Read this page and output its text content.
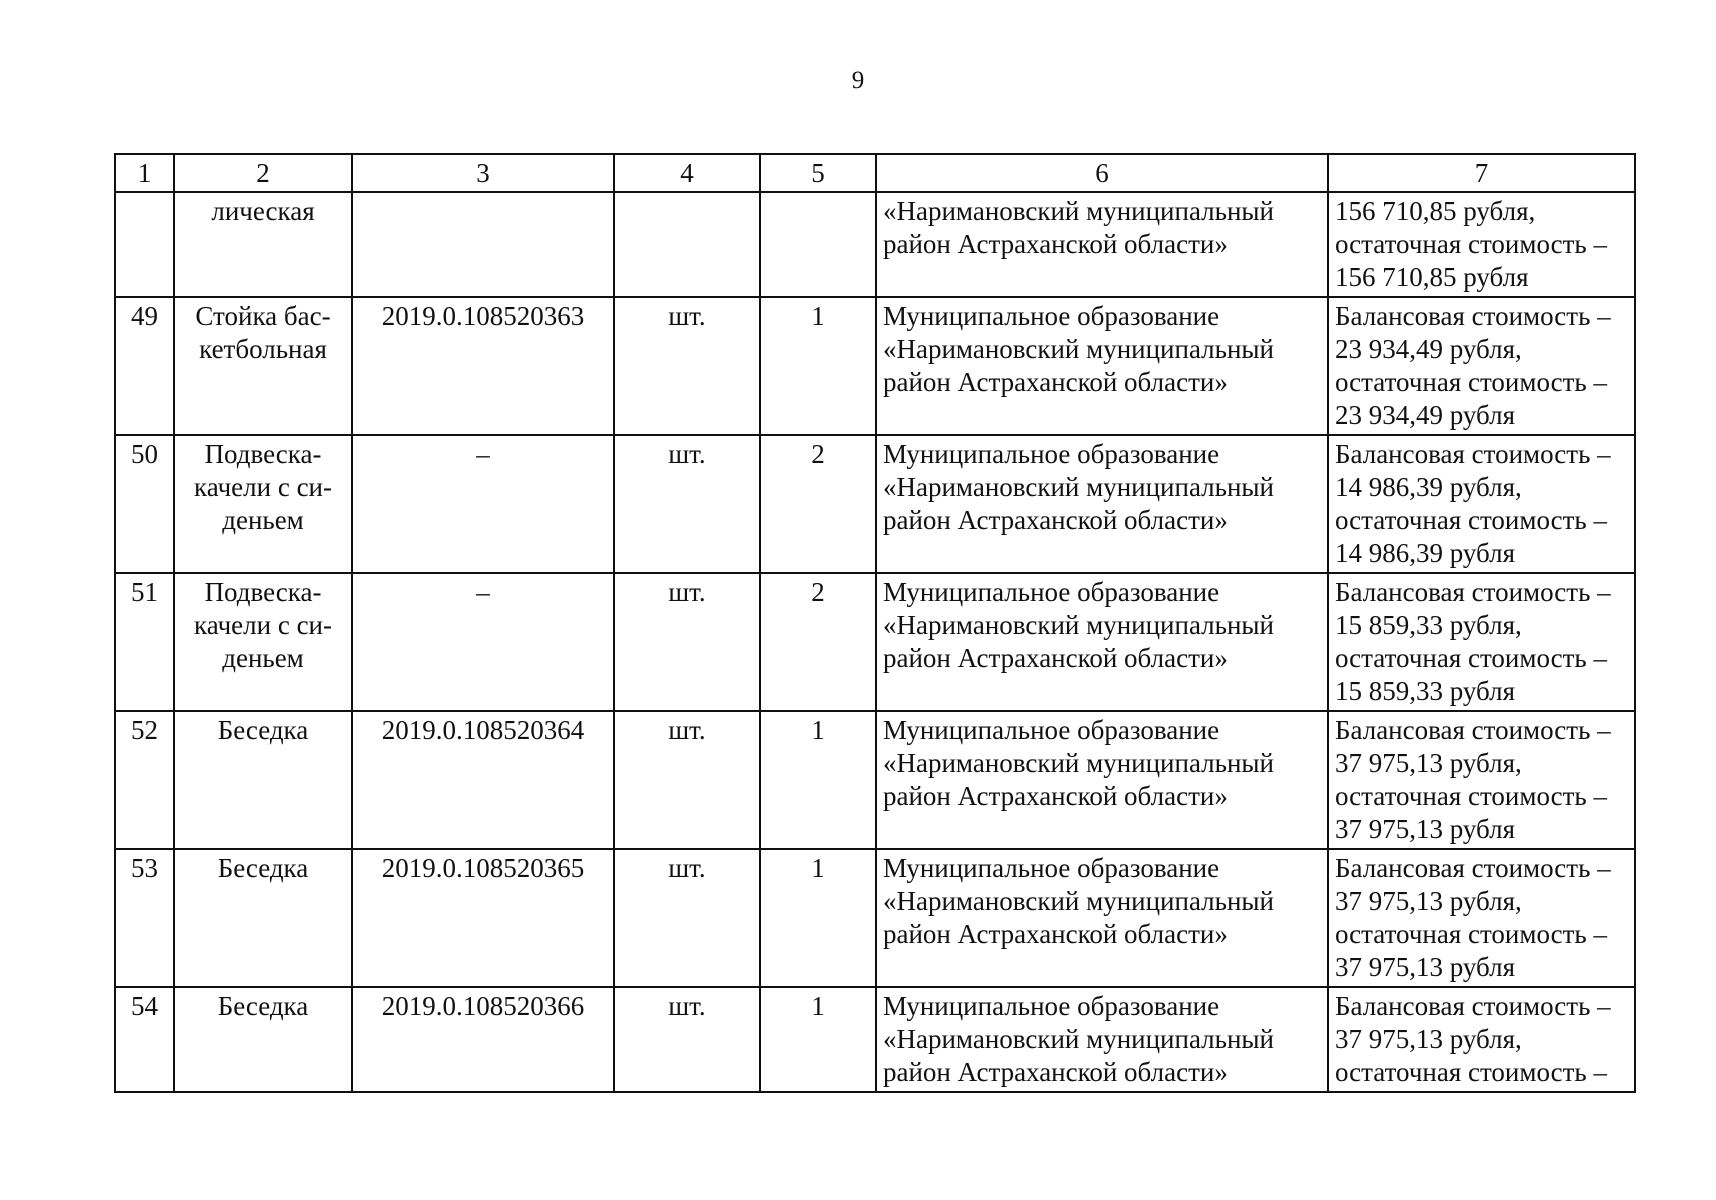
9
1	2	3	4	5	6	7
	лическая				«Наримановский муниципальный район Астраханской области»	156 710,85 рубля, остаточная стоимость – 156 710,85 рубля
49	Стойка бас-кетбольная	2019.0.108520363	шт.	1	Муниципальное образование «Наримановский муниципальный район Астраханской области»	Балансовая стоимость – 23 934,49 рубля, остаточная стоимость – 23 934,49 рубля
50	Подвеска-качели с си-деньем	–	шт.	2	Муниципальное образование «Наримановский муниципальный район Астраханской области»	Балансовая стоимость – 14 986,39 рубля, остаточная стоимость – 14 986,39 рубля
51	Подвеска-качели с си-деньем	–	шт.	2	Муниципальное образование «Наримановский муниципальный район Астраханской области»	Балансовая стоимость – 15 859,33 рубля, остаточная стоимость – 15 859,33 рубля
52	Беседка	2019.0.108520364	шт.	1	Муниципальное образование «Наримановский муниципальный район Астраханской области»	Балансовая стоимость – 37 975,13 рубля, остаточная стоимость – 37 975,13 рубля
53	Беседка	2019.0.108520365	шт.	1	Муниципальное образование «Наримановский муниципальный район Астраханской области»	Балансовая стоимость – 37 975,13 рубля, остаточная стоимость – 37 975,13 рубля
54	Беседка	2019.0.108520366	шт.	1	Муниципальное образование «Наримановский муниципальный район Астраханской области»	Балансовая стоимость – 37 975,13 рубля, остаточная стоимость –
